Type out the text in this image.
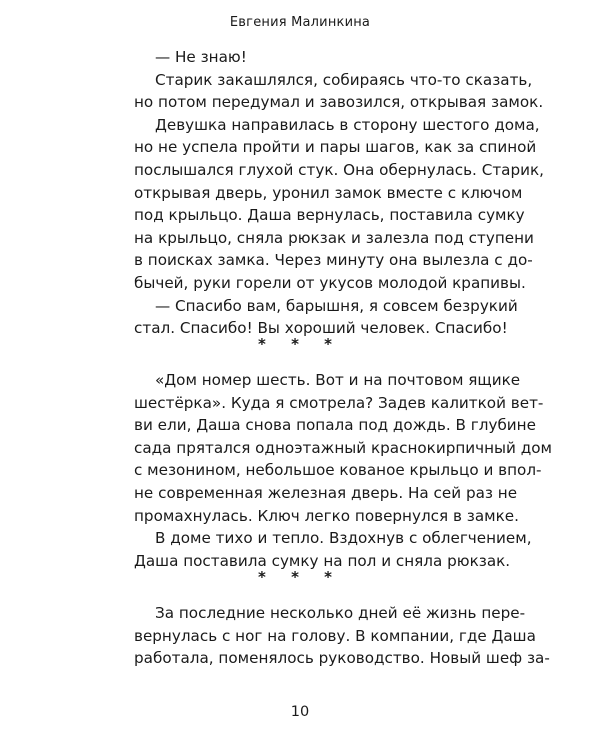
Евгения Малинкина
— Не знаю!
Старик закашлялся, собираясь что-то сказать,
но потом передумал и завозился, открывая замок.
Девушка направилась в сторону шестого дома,
но не успела пройти и пары шагов, как за спиной
послышался глухой стук. Она обернулась. Старик,
открывая дверь, уронил замок вместе с ключом
под крыльцо. Даша вернулась, поставила сумку
на крыльцо, сняла рюкзак и залезла под ступени
в поисках замка. Через минуту она вылезла с до-
бычей, руки горели от укусов молодой крапивы.
— Спасибо вам, барышня, я совсем безрукий
стал. Спасибо! Вы хороший человек. Спасибо!
* * *
«Дом номер шесть. Вот и на почтовом ящике
шестёрка». Куда я смотрела? Задев калиткой вет-
ви ели, Даша снова попала под дождь. В глубине
сада прятался одноэтажный краснокирпичный дом
с мезонином, небольшое кованое крыльцо и впол-
не современная железная дверь. На сей раз не
промахнулась. Ключ легко повернулся в замке.
В доме тихо и тепло. Вздохнув с облегчением,
Даша поставила сумку на пол и сняла рюкзак.
* * *
За последние несколько дней её жизнь пере-
вернулась с ног на голову. В компании, где Даша
работала, поменялось руководство. Новый шеф за-
10
